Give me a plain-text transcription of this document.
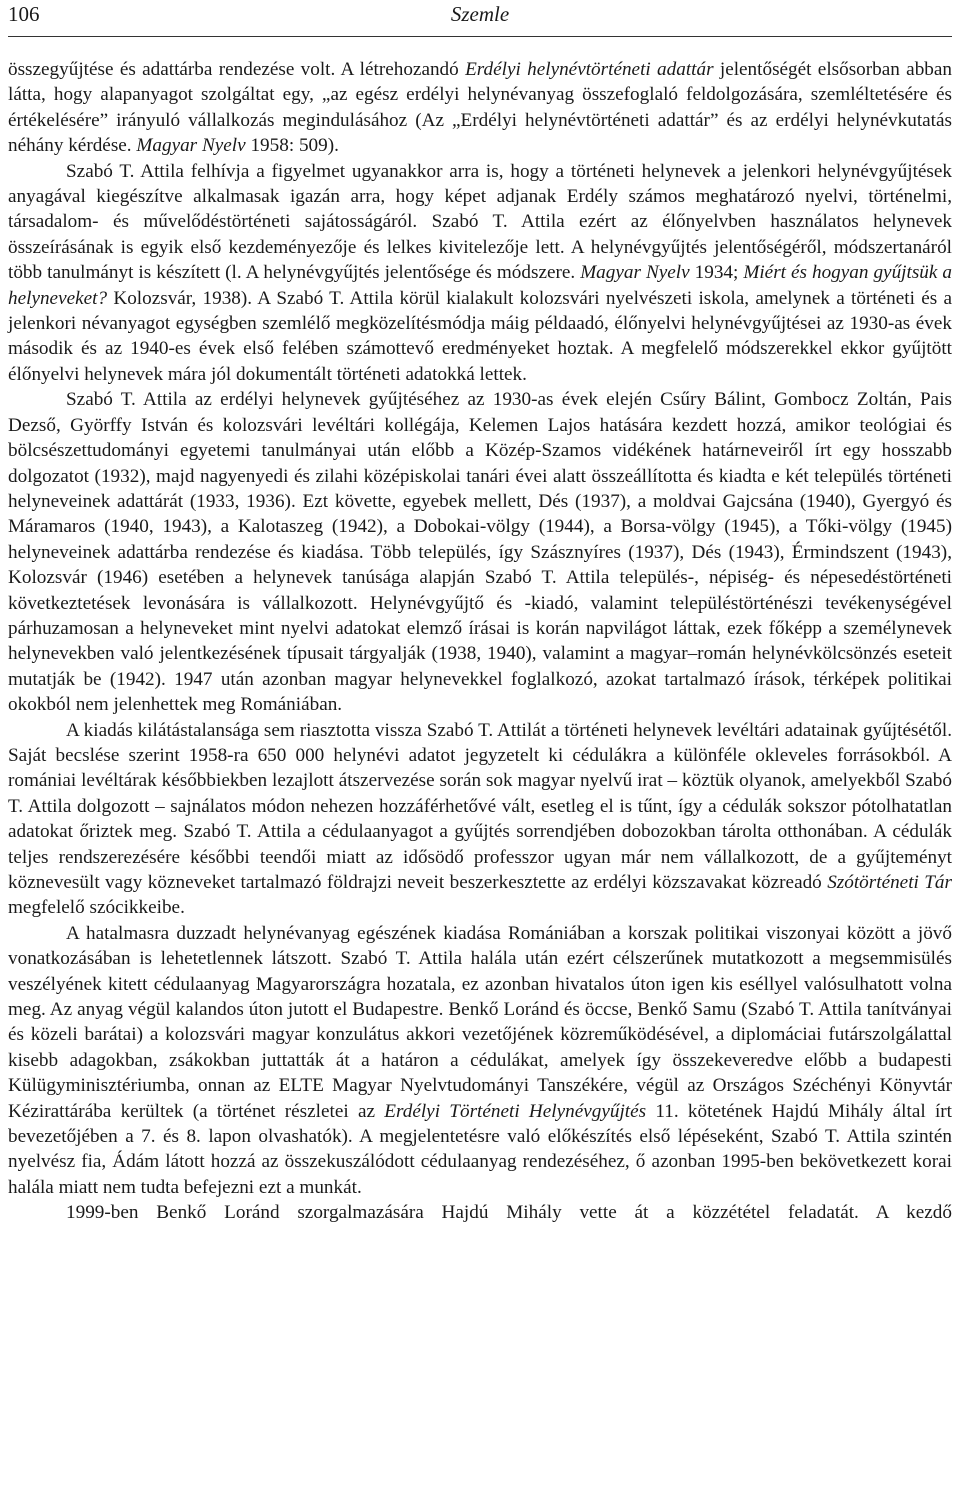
106	Szemle

összegyűjtése és adattárba rendezése volt. A létrehozandó Erdélyi helynévtörténeti adattár jelentőségét elsősorban abban látta, hogy alapanyagot szolgáltat egy, „az egész erdélyi helynévanyag összefoglaló feldolgozására, szemléltetésére és értékelésére” irányuló vállalkozás megindulásához (Az „Erdélyi helynévtörténeti adattár” és az erdélyi helynévkutatás néhány kérdése. Magyar Nyelv 1958: 509).

Szabó T. Attila felhívja a figyelmet ugyanakkor arra is, hogy a történeti helynevek a jelenkori helynévgyűjtések anyagával kiegészítve alkalmasak igazán arra, hogy képet adjanak Erdély számos meghatározó nyelvi, történelmi, társadalom- és művelődéstörténeti sajátosságáról. Szabó T. Attila ezért az élőnyelvben használatos helynevek összeírásának is egyik első kezdeményezője és lelkes kivitelezője lett. A helynévgyűjtés jelentőségéről, módszertanáról több tanulmányt is készített (l. A helynévgyűjtés jelentősége és módszere. Magyar Nyelv 1934; Miért és hogyan gyűjtsük a helyneveket? Kolozsvár, 1938). A Szabó T. Attila körül kialakult kolozsvári nyelvészeti iskola, amelynek a történeti és a jelenkori névanyagot egységben szemlélő megközelítésmódja máig példaadó, élőnyelvi helynévgyűjtései az 1930-as évek második és az 1940-es évek első felében számottevő eredményeket hoztak. A megfelelő módszerekkel ekkor gyűjtött élőnyelvi helynevek mára jól dokumentált történeti adatokká lettek.

Szabó T. Attila az erdélyi helynevek gyűjtéséhez az 1930-as évek elején Csűry Bálint, Gombocz Zoltán, Pais Dezső, Györffy István és kolozsvári levéltári kollégája, Kelemen Lajos hatására kezdett hozzá, amikor teológiai és bölcsészettudományi egyetemi tanulmányai után előbb a Közép-Szamos vidékének határneveiről írt egy hosszabb dolgozatot (1932), majd nagyenyedi és zilahi középiskolai tanári évei alatt összeállította és kiadta e két település történeti helyneveinek adattárát (1933, 1936). Ezt követte, egyebek mellett, Dés (1937), a moldvai Gajcsána (1940), Gyergyó és Máramaros (1940, 1943), a Kalotaszeg (1942), a Dobokai-völgy (1944), a Borsa-völgy (1945), a Tőki-völgy (1945) helyneveinek adattárba rendezése és kiadása. Több település, így Szásznyíres (1937), Dés (1943), Érmindszent (1943), Kolozsvár (1946) esetében a helynevek tanúsága alapján Szabó T. Attila település-, népiség- és népesedéstörténeti következtetések levonására is vállalkozott. Helynévgyűjtő és -kiadó, valamint településtörténészi tevékenységével párhuzamosan a helyneveket mint nyelvi adatokat elemző írásai is korán napvilágot láttak, ezek főképp a személynevek helynevekben való jelentkezésének típusait tárgyalják (1938, 1940), valamint a magyar–román helynévkölcsönzés eseteit mutatják be (1942). 1947 után azonban magyar helynevekkel foglalkozó, azokat tartalmazó írások, térképek politikai okokból nem jelenhettek meg Romániában.

A kiadás kilátástalansága sem riasztotta vissza Szabó T. Attilát a történeti helynevek levéltári adatainak gyűjtésétől. Saját becslése szerint 1958-ra 650 000 helynévi adatot jegyzetelt ki cédulákra a különféle okleveles forrásokból. A romániai levéltárak későbbiekben lezajlott átszervezése során sok magyar nyelvű irat – köztük olyanok, amelyekből Szabó T. Attila dolgozott – sajnálatos módon nehezen hozzáférhetővé vált, esetleg el is tűnt, így a cédulák sokszor pótolhatatlan adatokat őriztek meg. Szabó T. Attila a cédulaanyagot a gyűjtés sorrendjében dobozokban tárolta otthonában. A cédulák teljes rendszerezésére későbbi teendői miatt az idősödő professzor ugyan már nem vállalkozott, de a gyűjteményt köznevesült vagy közneveket tartalmazó földrajzi neveit beszerkesztette az erdélyi közszavakat közreadó Szótörténeti Tár megfelelő szócikkeibe.

A hatalmasra duzzadt helynévanyag egészének kiadása Romániában a korszak politikai viszonyai között a jövő vonatkozásában is lehetetlennek látszott. Szabó T. Attila halála után ezért célszerűnek mutatkozott a megsemmisülés veszélyének kitett cédulaanyag Magyarországra hozatala, ez azonban hivatalos úton igen kis eséllyel valósulhatott volna meg. Az anyag végül kalandos úton jutott el Budapestre. Benkő Loránd és öccse, Benkő Samu (Szabó T. Attila tanítványai és közeli barátai) a kolozsvári magyar konzulátus akkori vezetőjének közreműködésével, a diplomáciai futárszolgálattal kisebb adagokban, zsákokban juttatták át a határon a cédulákat, amelyek így összekeveredve előbb a budapesti Külügyminisztériumba, onnan az ELTE Magyar Nyelvtudományi Tanszékére, végül az Országos Széchényi Könyvtár Kézirattárába kerültek (a történet részletei az Erdélyi Történeti Helynévgyűjtés 11. kötetének Hajdú Mihály által írt bevezetőjében a 7. és 8. lapon olvashatók). A megjelentetésre való előkészítés első lépéseként, Szabó T. Attila szintén nyelvész fia, Ádám látott hozzá az összekuszálódott cédulaanyag rendezéséhez, ő azonban 1995-ben bekövetkezett korai halála miatt nem tudta befejezni ezt a munkát.

1999-ben Benkő Loránd szorgalmazására Hajdú Mihály vette át a közzététel feladatát. A kezdő
